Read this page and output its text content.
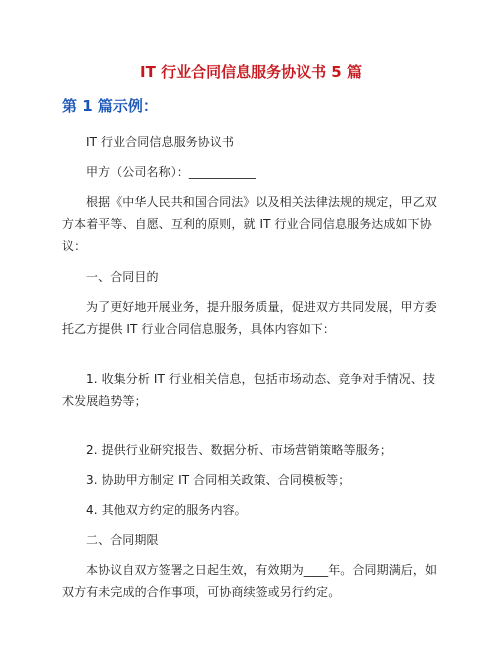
IT 行业合同信息服务协议书 5 篇
第 1 篇示例：

IT 行业合同信息服务协议书

甲方（公司名称）：___________

根据《中华人民共和国合同法》以及相关法律法规的规定，甲乙双方本着平等、自愿、互利的原则，就 IT 行业合同信息服务达成如下协议：

一、合同目的

为了更好地开展业务，提升服务质量，促进双方共同发展，甲方委托乙方提供 IT 行业合同信息服务，具体内容如下：

1. 收集分析 IT 行业相关信息，包括市场动态、竞争对手情况、技术发展趋势等；

2. 提供行业研究报告、数据分析、市场营销策略等服务；

3. 协助甲方制定 IT 合同相关政策、合同模板等；

4. 其他双方约定的服务内容。

二、合同期限

本协议自双方签署之日起生效，有效期为____年。合同期满后，如双方有未完成的合作事项，可协商续签或另行约定。
